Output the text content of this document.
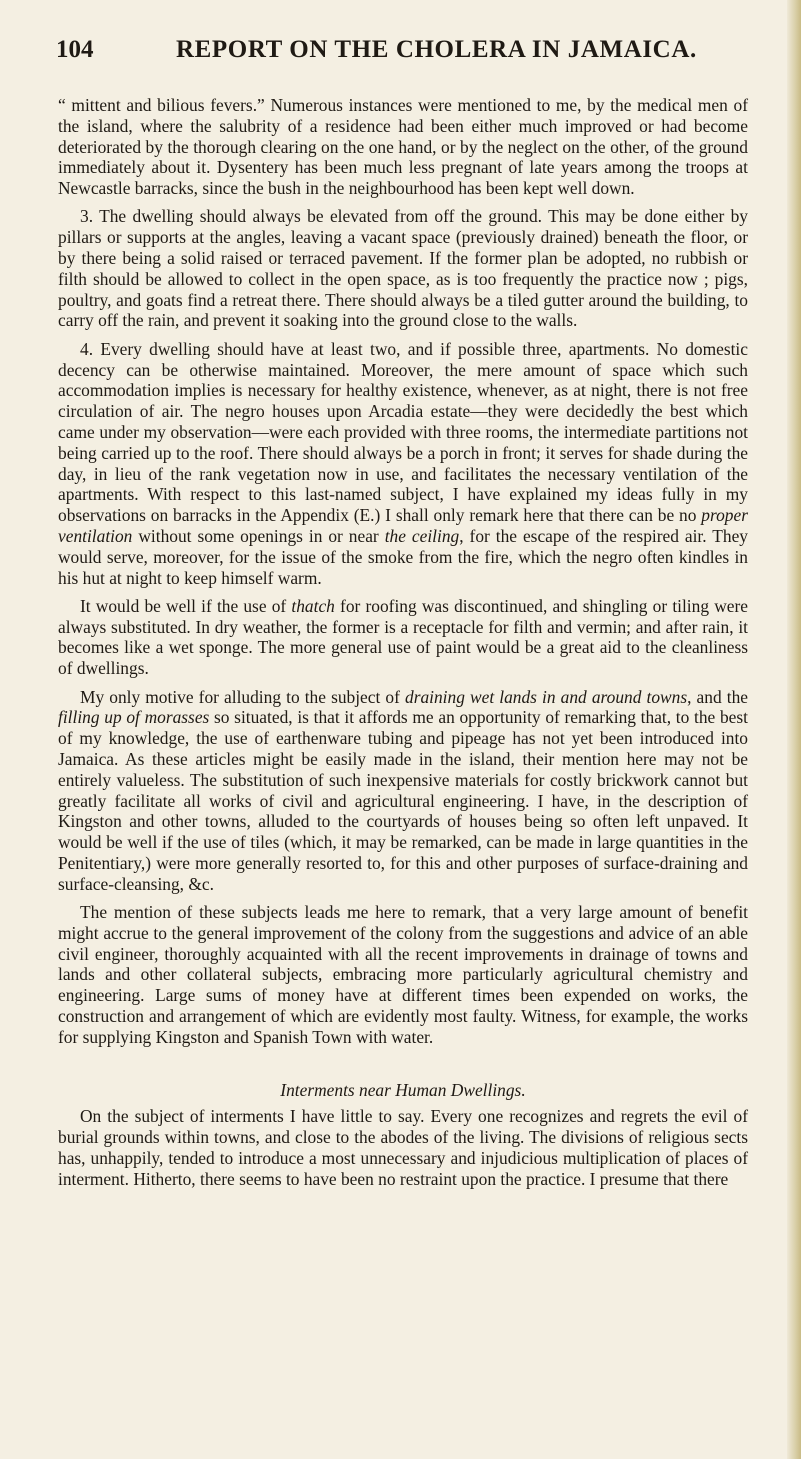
104	REPORT ON THE CHOLERA IN JAMAICA.

“ mittent and bilious fevers.” Numerous instances were mentioned to me, by the medical men of the island, where the salubrity of a residence had been either much improved or had become deteriorated by the thorough clearing on the one hand, or by the neglect on the other, of the ground immediately about it. Dysentery has been much less pregnant of late years among the troops at Newcastle barracks, since the bush in the neighbourhood has been kept well down.

3. The dwelling should always be elevated from off the ground. This may be done either by pillars or supports at the angles, leaving a vacant space (previously drained) beneath the floor, or by there being a solid raised or terraced pavement. If the former plan be adopted, no rubbish or filth should be allowed to collect in the open space, as is too frequently the practice now ; pigs, poultry, and goats find a retreat there. There should always be a tiled gutter around the building, to carry off the rain, and prevent it soaking into the ground close to the walls.

4. Every dwelling should have at least two, and if possible three, apartments. No domestic decency can be otherwise maintained. Moreover, the mere amount of space which such accommodation implies is necessary for healthy existence, whenever, as at night, there is not free circulation of air. The negro houses upon Arcadia estate—they were decidedly the best which came under my observation—were each provided with three rooms, the intermediate partitions not being carried up to the roof. There should always be a porch in front; it serves for shade during the day, in lieu of the rank vegetation now in use, and facilitates the necessary ventilation of the apartments. With respect to this last-named subject, I have explained my ideas fully in my observations on barracks in the Appendix (E.) I shall only remark here that there can be no proper ventilation without some openings in or near the ceiling, for the escape of the respired air. They would serve, moreover, for the issue of the smoke from the fire, which the negro often kindles in his hut at night to keep himself warm.

It would be well if the use of thatch for roofing was discontinued, and shingling or tiling were always substituted. In dry weather, the former is a receptacle for filth and vermin; and after rain, it becomes like a wet sponge. The more general use of paint would be a great aid to the cleanliness of dwellings.

My only motive for alluding to the subject of draining wet lands in and around towns, and the filling up of morasses so situated, is that it affords me an opportunity of remarking that, to the best of my knowledge, the use of earthenware tubing and pipeage has not yet been introduced into Jamaica. As these articles might be easily made in the island, their mention here may not be entirely valueless. The substitution of such inexpensive materials for costly brickwork cannot but greatly facilitate all works of civil and agricultural engineering. I have, in the description of Kingston and other towns, alluded to the courtyards of houses being so often left unpaved. It would be well if the use of tiles (which, it may be remarked, can be made in large quantities in the Penitentiary,) were more generally resorted to, for this and other purposes of surface-draining and surface-cleansing, &c.

The mention of these subjects leads me here to remark, that a very large amount of benefit might accrue to the general improvement of the colony from the suggestions and advice of an able civil engineer, thoroughly acquainted with all the recent improvements in drainage of towns and lands and other collateral subjects, embracing more particularly agricultural chemistry and engineering. Large sums of money have at different times been expended on works, the construction and arrangement of which are evidently most faulty. Witness, for example, the works for supplying Kingston and Spanish Town with water.

Interments near Human Dwellings.

On the subject of interments I have little to say. Every one recognizes and regrets the evil of burial grounds within towns, and close to the abodes of the living. The divisions of religious sects has, unhappily, tended to introduce a most unnecessary and injudicious multiplication of places of interment. Hitherto, there seems to have been no restraint upon the practice. I presume that there
